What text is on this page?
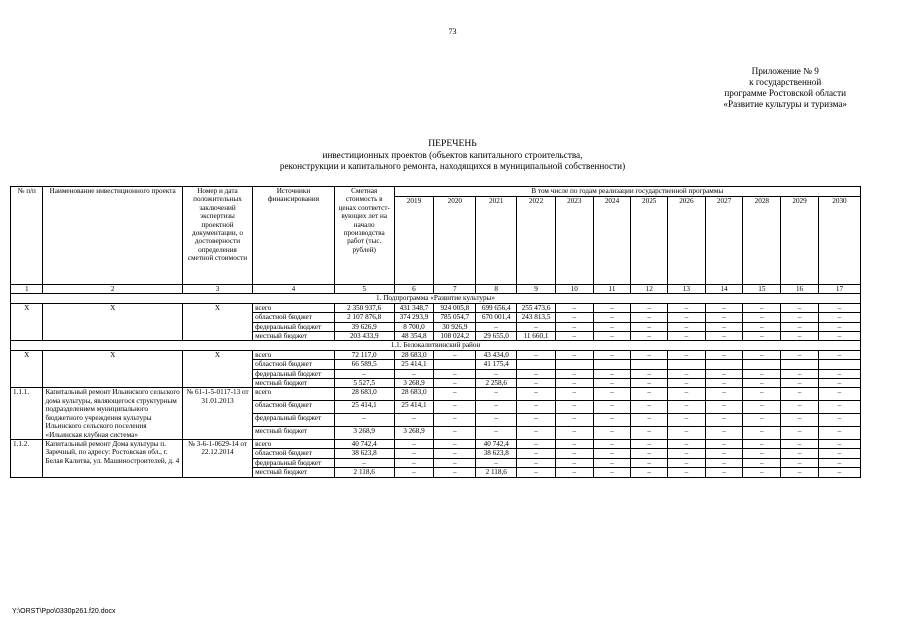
73
Приложение № 9
к государственной
программе Ростовской области
«Развитие культуры и туризма»
ПЕРЕЧЕНЬ
инвестиционных проектов (объектов капитального строительства,
реконструкции и капитального ремонта, находящихся в муниципальной собственности)
№ п/п	Наименование инвестиционного проекта	Номер и дата положительных заключений экспертизы проектной документации, о достоверности определения сметной стоимости	Источники финансирования	Сметная стоимость в ценах соответст-вующих лет на начало производства работ (тыс. рублей)	В том числе по годам реализации государственной программы											
					2019	2020	2021	2022	2023	2024	2025	2026	2027	2028	2029	2030
1	2	3	4	5	6	7	8	9	10	11	12	13	14	15	16	17
1. Подпрограмма «Развитие культуры»																
Х	Х	Х	всего	2 350 937,6	431 348,7	924 005,8	699 656,4	255 473,6	–	–	–	–	–	–	–	–
			областной бюджет	2 107 876,8	374 293,9	785 054,7	670 001,4	243 813,5	–	–	–	–	–	–	–	–
			федеральный бюджет	39 626,9	8 700,0	30 926,9	–	–	–	–	–	–	–	–	–	–
			местный бюджет	203 433,9	48 354,8	108 024,2	29 655,0	11 660,1	–	–	–	–	–	–	–	–
1.1. Белокалитвинский район																
Х	Х	Х	всего	72 117,0	28 683,0	–	43 434,0	–	–	–	–	–	–	–	–	–
			областной бюджет	66 589,5	25 414,1		41 175,4									
			федеральный бюджет	–	–	–	–	–	–	–	–	–	–	–	–	–
			местный бюджет	5 527,5	3 268,9	–	2 258,6	–	–	–	–	–	–	–	–	–
1.1.1.	Капитальный ремонт Ильинского сельского дома культуры, являющегося структурным подразделением муниципального бюджетного учреждения культуры Ильинского сельского поселения «Ильинская клубная система»	№ 61-1-5-0117-13 от 31.01.2013	всего	28 683,0	28 683,0	–	–	–	–	–	–	–	–	–	–	–
			областной бюджет	25 414,1	25 414,1	–	–	–	–	–	–	–	–	–	–	–
			федеральный бюджет	–	–	–	–	–	–	–	–	–	–	–	–	–
			местный бюджет	3 268,9	3 268,9	–	–	–	–	–	–	–	–	–	–	–
1.1.2.	Капитальный ремонт Дома культуры п. Заречный, по адресу: Ростовская обл., г. Белая Калитва, ул. Машиностроителей, д. 4	№ 3-6-1-0629-14 от 22.12.2014	всего	40 742,4	–	–	40 742,4	–	–	–	–	–	–	–	–	–
			областной бюджет	38 623,8	–	–	38 623,8	–	–	–	–	–	–	–	–	–
			федеральный бюджет	–	–	–	–	–	–	–	–	–	–	–	–	–
			местный бюджет	2 118,6	–	–	2 118,6	–	–	–	–	–	–	–	–	–
Y:\ORST\Ppo\0330p261.f20.docx
